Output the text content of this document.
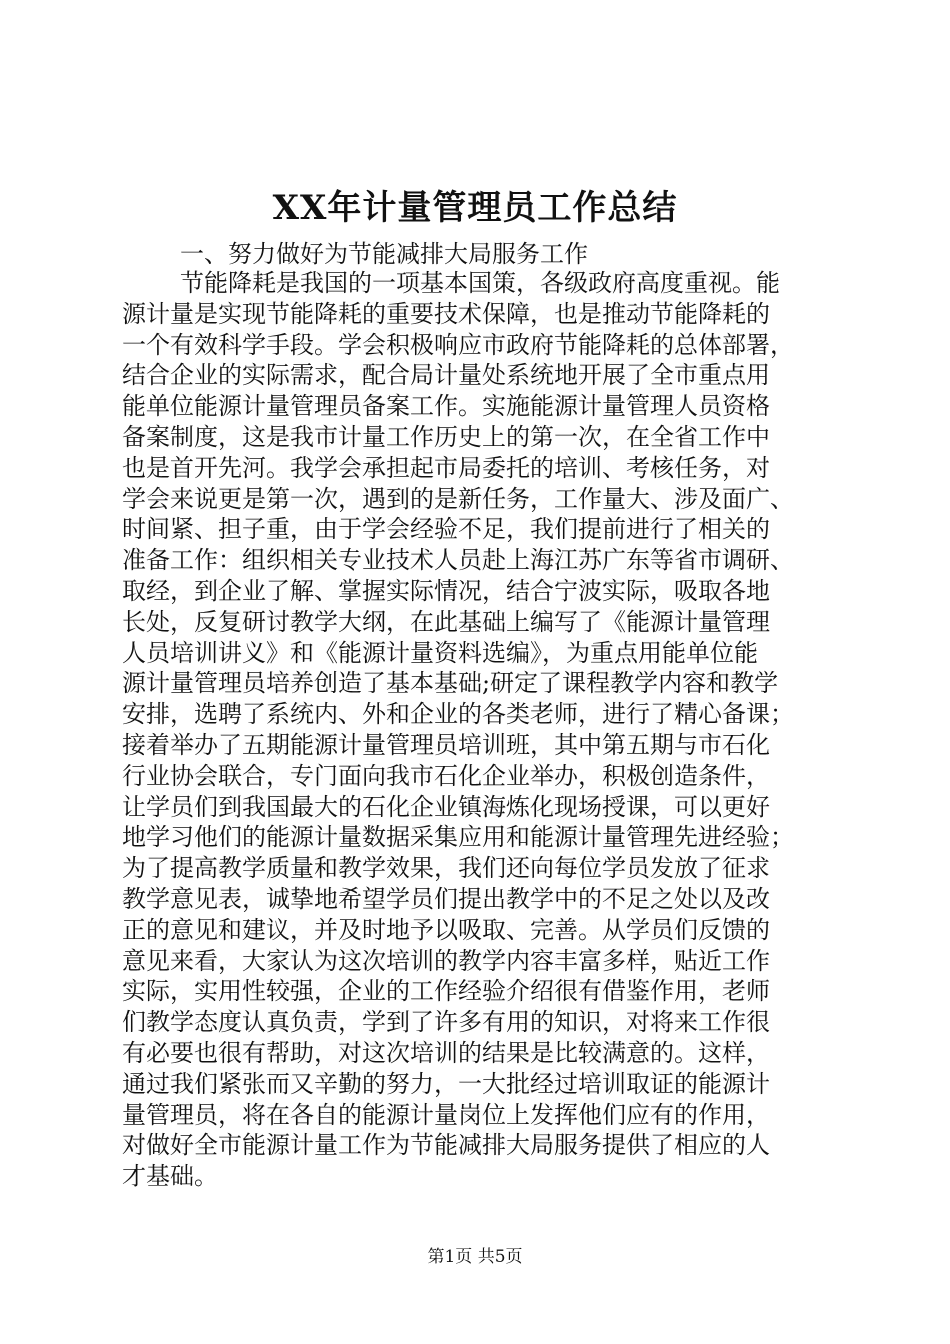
XX年计量管理员工作总结
一、努力做好为节能减排大局服务工作
节能降耗是我国的一项基本国策，各级政府高度重视。能
源计量是实现节能降耗的重要技术保障，也是推动节能降耗的
一个有效科学手段。学会积极响应市政府节能降耗的总体部署，
结合企业的实际需求，配合局计量处系统地开展了全市重点用
能单位能源计量管理员备案工作。实施能源计量管理人员资格
备案制度，这是我市计量工作历史上的第一次，在全省工作中
也是首开先河。我学会承担起市局委托的培训、考核任务，对
学会来说更是第一次，遇到的是新任务，工作量大、涉及面广、
时间紧、担子重，由于学会经验不足，我们提前进行了相关的
准备工作：组织相关专业技术人员赴上海江苏广东等省市调研、
取经，到企业了解、掌握实际情况，结合宁波实际，吸取各地
长处，反复研讨教学大纲，在此基础上编写了《能源计量管理
人员培训讲义》和《能源计量资料选编》，为重点用能单位能
源计量管理员培养创造了基本基础;研定了课程教学内容和教学
安排，选聘了系统内、外和企业的各类老师，进行了精心备课；
接着举办了五期能源计量管理员培训班，其中第五期与市石化
行业协会联合，专门面向我市石化企业举办，积极创造条件，
让学员们到我国最大的石化企业镇海炼化现场授课，可以更好
地学习他们的能源计量数据采集应用和能源计量管理先进经验；
为了提高教学质量和教学效果，我们还向每位学员发放了征求
教学意见表，诚挚地希望学员们提出教学中的不足之处以及改
正的意见和建议，并及时地予以吸取、完善。从学员们反馈的
意见来看，大家认为这次培训的教学内容丰富多样，贴近工作
实际，实用性较强，企业的工作经验介绍很有借鉴作用，老师
们教学态度认真负责，学到了许多有用的知识，对将来工作很
有必要也很有帮助，对这次培训的结果是比较满意的。这样，
通过我们紧张而又辛勤的努力，一大批经过培训取证的能源计
量管理员，将在各自的能源计量岗位上发挥他们应有的作用，
对做好全市能源计量工作为节能减排大局服务提供了相应的人
才基础。
第1页 共5页
